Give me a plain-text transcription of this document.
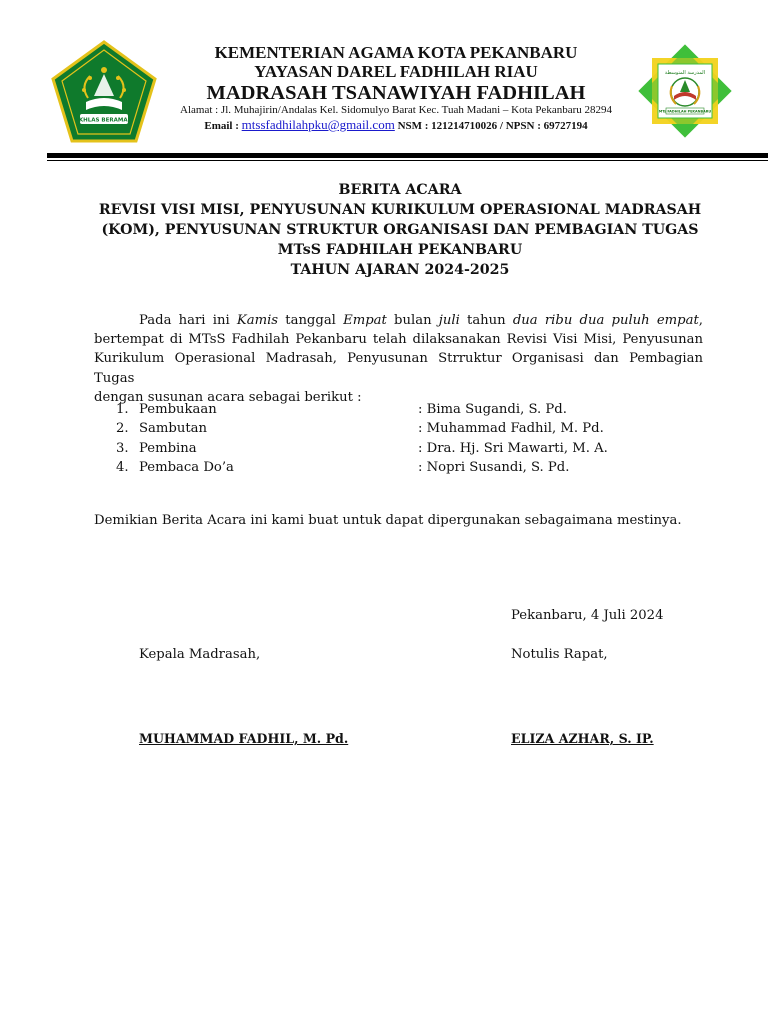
IKHLAS BERAMAL
المدرسة المتوسطة
MTs FADHILAH PEKANBARU
KEMENTERIAN AGAMA KOTA PEKANBARU
YAYASAN DAREL FADHILAH RIAU
MADRASAH TSANAWIYAH FADHILAH
Alamat : Jl. Muhajirin/Andalas Kel. Sidomulyo Barat Kec. Tuah Madani – Kota Pekanbaru 28294
Email : mtssfadhilahpku@gmail.com NSM : 121214710026 / NPSN : 69727194
BERITA ACARA
REVISI VISI MISI, PENYUSUNAN KURIKULUM OPERASIONAL MADRASAH
(KOM), PENYUSUNAN STRUKTUR ORGANISASI DAN PEMBAGIAN TUGAS
MTsS FADHILAH PEKANBARU
TAHUN AJARAN 2024-2025
Pada hari ini Kamis tanggal Empat bulan juli tahun dua ribu dua puluh empat,
bertempat di MTsS Fadhilah Pekanbaru telah dilaksanakan Revisi Visi Misi, Penyusunan
Kurikulum Operasional Madrasah, Penyusunan Strruktur Organisasi dan Pembagian Tugas
dengan susunan acara sebagai berikut :
1. Pembukaan	: Bima Sugandi, S. Pd.
2. Sambutan	: Muhammad Fadhil, M. Pd.
3. Pembina	: Dra. Hj. Sri Mawarti, M. A.
4. Pembaca Do’a	: Nopri Susandi, S. Pd.
Demikian Berita Acara ini kami buat untuk dapat dipergunakan sebagaimana mestinya.
Pekanbaru, 4 Juli 2024
Kepala Madrasah,	Notulis Rapat,
MUHAMMAD FADHIL, M. Pd.	ELIZA AZHAR, S. IP.
